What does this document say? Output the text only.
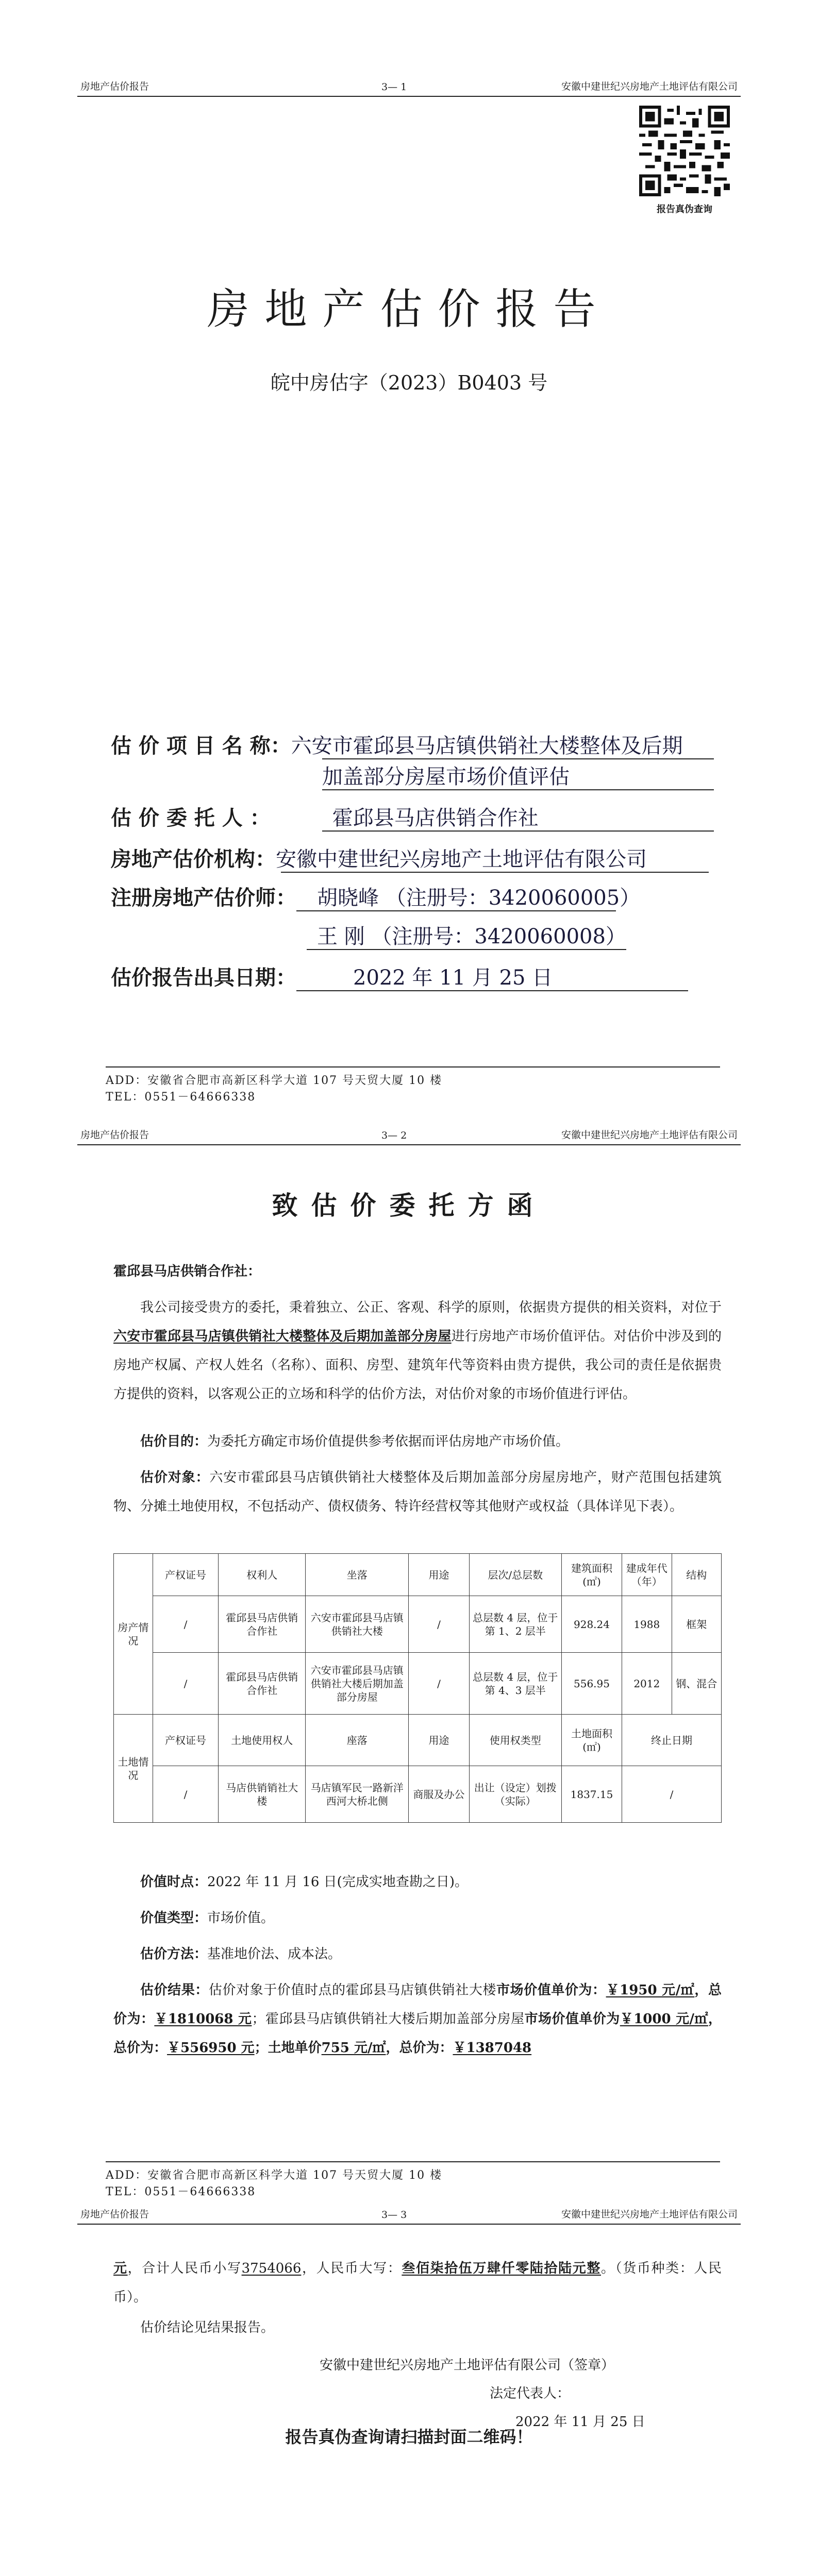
房地产估价报告	3— 1	安徽中建世纪兴房地产土地评估有限公司
报告真伪查询
房地产估价报告
皖中房估字（2023）B0403 号
估 价 项 目 名 称：六安市霍邱县马店镇供销社大楼整体及后期
加盖部分房屋市场价值评估
估 价 委 托 人 ：	霍邱县马店供销合作社
房地产估价机构：安徽中建世纪兴房地产土地评估有限公司
注册房地产估价师： 胡晓峰 （注册号：3420060005）
王 刚 （注册号：3420060008）
估价报告出具日期：	2022 年 11 月 25 日
ADD：安徽省合肥市高新区科学大道 107 号天贸大厦 10 楼
TEL：0551－64666338
房地产估价报告	3— 2	安徽中建世纪兴房地产土地评估有限公司
致估价委托方函
霍邱县马店供销合作社：
我公司接受贵方的委托，秉着独立、公正、客观、科学的原则，依据贵方提供的相关资料，对位于六安市霍邱县马店镇供销社大楼整体及后期加盖部分房屋进行房地产市场价值评估。对估价中涉及到的房地产权属、产权人姓名（名称）、面积、房型、建筑年代等资料由贵方提供，我公司的责任是依据贵方提供的资料，以客观公正的立场和科学的估价方法，对估价对象的市场价值进行评估。
估价目的：为委托方确定市场价值提供参考依据而评估房地产市场价值。
估价对象：六安市霍邱县马店镇供销社大楼整体及后期加盖部分房屋房地产，财产范围包括建筑物、分摊土地使用权，不包括动产、债权债务、特许经营权等其他财产或权益（具体详见下表）。
房产情况	产权证号	权利人	坐落	用途	层次/总层数	建筑面积(㎡)	建成年代（年）	结构
	/	霍邱县马店供销合作社	六安市霍邱县马店镇供销社大楼	/	总层数 4 层，位于第 1、2 层半	928.24	1988	框架
	/	霍邱县马店供销合作社	六安市霍邱县马店镇供销社大楼后期加盖部分房屋	/	总层数 4 层，位于第 4、3 层半	556.95	2012	钢、混合
土地情况	产权证号	土地使用权人	座落	用途	使用权类型	土地面积(㎡)	终止日期	
	/	马店供销销社大楼	马店镇军民一路新洋西河大桥北侧	商服及办公	出让（设定）划拨（实际）	1837.15	/	
价值时点：2022 年 11 月 16 日(完成实地查勘之日)。
价值类型：市场价值。
估价方法：基准地价法、成本法。
估价结果：估价对象于价值时点的霍邱县马店镇供销社大楼市场价值单价为：￥1950 元/㎡，总价为：￥1810068 元；霍邱县马店镇供销社大楼后期加盖部分房屋市场价值单价为￥1000 元/㎡，总价为：￥556950 元；土地单价755 元/㎡，总价为：￥1387048
ADD：安徽省合肥市高新区科学大道 107 号天贸大厦 10 楼
TEL：0551－64666338
房地产估价报告	3— 3	安徽中建世纪兴房地产土地评估有限公司
元，合计人民币小写3754066，人民币大写：叁佰柒拾伍万肆仟零陆拾陆元整。（货币种类：人民币）。
估价结论见结果报告。
安徽中建世纪兴房地产土地评估有限公司（签章）
法定代表人：
2022 年 11 月 25 日
报告真伪查询请扫描封面二维码！
